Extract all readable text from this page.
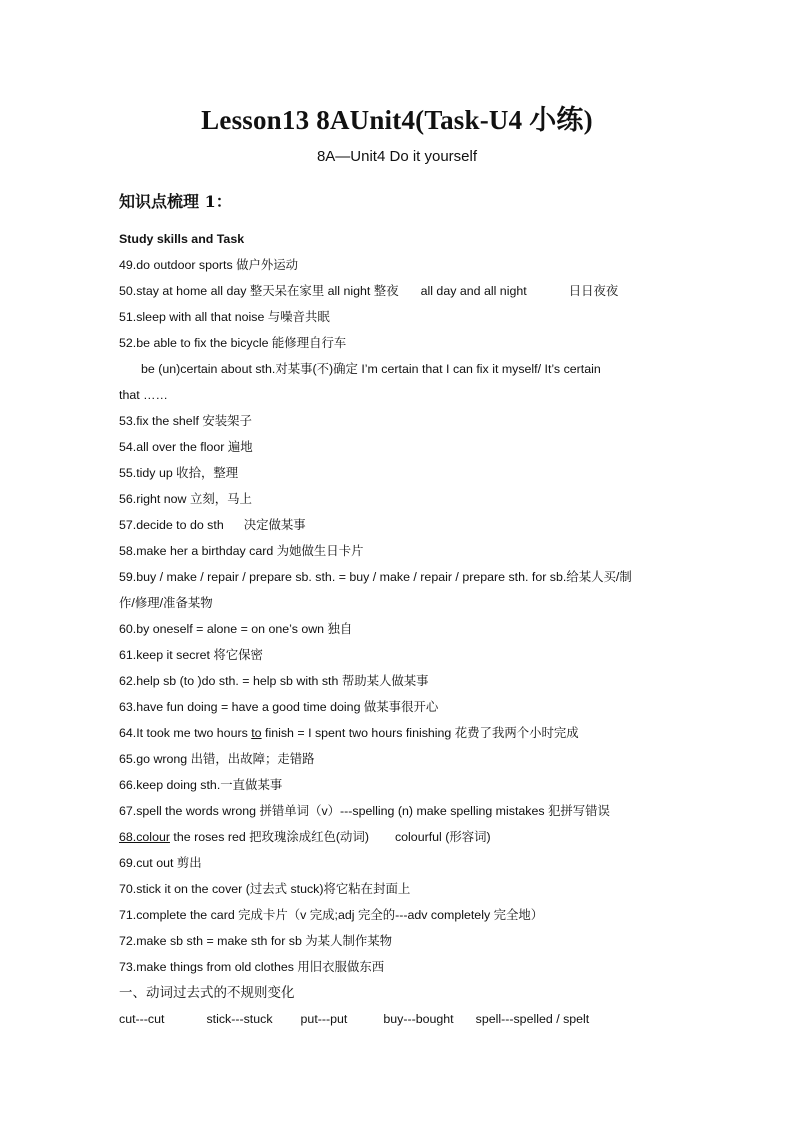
Lesson13 8AUnit4(Task-U4 小练)
8A—Unit4 Do it yourself
知识点梳理 1：
Study skills and Task
49.do outdoor sports 做户外运动
50.stay at home all day 整天呆在家里 all night 整夜 all day and all night	日日夜夜
51.sleep with all that noise 与噪音共眠
52.be able to fix the bicycle 能修理自行车
be (un)certain about sth.对某事(不)确定 I’m certain that I can fix it myself/ It’s certain
that ……
53.fix the shelf 安装架子
54.all over the floor 遍地
55.tidy up 收拾，整理
56.right now 立刻，马上
57.decide to do sth 决定做某事
58.make her a birthday card 为她做生日卡片
59.buy / make / repair / prepare sb. sth. = buy / make / repair / prepare sth. for sb.给某人买/制
作/修理/准备某物
60.by oneself = alone = on one’s own 独自
61.keep it secret 将它保密
62.help sb (to )do sth. = help sb with sth 帮助某人做某事
63.have fun doing = have a good time doing 做某事很开心
64.It took me two hours to finish = I spent two hours finishing 花费了我两个小时完成
65.go wrong 出错，出故障；走错路
66.keep doing sth.一直做某事
67.spell the words wrong 拼错单词（v）---spelling (n) make spelling mistakes 犯拼写错误
68.colour the roses red 把玫瑰涂成红色(动词) colourful (形容词)
69.cut out 剪出
70.stick it on the cover (过去式 stuck)将它粘在封面上
71.complete the card 完成卡片（v 完成;adj 完全的---adv completely 完全地）
72.make sb sth = make sth for sb 为某人制作某物
73.make things from old clothes 用旧衣服做东西
一、动词过去式的不规则变化
cut---cut	stick---stuck put---put	buy---bought spell---spelled / spelt
